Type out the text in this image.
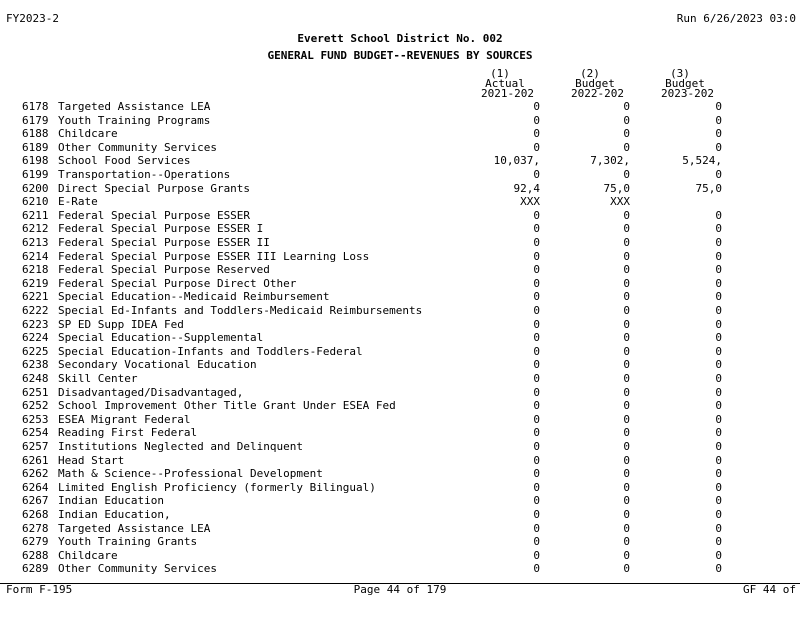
FY2023-2	Run 6/26/2023 03:0
Everett School District No. 002
GENERAL FUND BUDGET--REVENUES BY SOURCES
(1)
Actual
2021-202
(2)
Budget
2022-202
(3)
Budget
2023-202
6178 Targeted Assistance LEA	0	0	0
6179 Youth Training Programs	0	0	0
6188 Childcare	0	0	0
6189 Other Community Services	0	0	0
6198 School Food Services	10,037,	7,302,	5,524,
6199 Transportation--Operations	0	0	0
6200 Direct Special Purpose Grants	92,4	75,0	75,0
6210 E-Rate	XXX	XXX
6211 Federal Special Purpose ESSER	0	0	0
6212 Federal Special Purpose ESSER I	0	0	0
6213 Federal Special Purpose ESSER II	0	0	0
6214 Federal Special Purpose ESSER III Learning Loss	0	0	0
6218 Federal Special Purpose Reserved	0	0	0
6219 Federal Special Purpose Direct Other	0	0	0
6221 Special Education--Medicaid Reimbursement	0	0	0
6222 Special Ed-Infants and Toddlers-Medicaid Reimbursements	0	0	0
6223 SP ED Supp IDEA Fed	0	0	0
6224 Special Education--Supplemental	0	0	0
6225 Special Education-Infants and Toddlers-Federal	0	0	0
6238 Secondary Vocational Education	0	0	0
6248 Skill Center	0	0	0
6251 Disadvantaged/Disadvantaged,	0	0	0
6252 School Improvement Other Title Grant Under ESEA Fed	0	0	0
6253 ESEA Migrant Federal	0	0	0
6254 Reading First Federal	0	0	0
6257 Institutions Neglected and Delinquent	0	0	0
6261 Head Start	0	0	0
6262 Math & Science--Professional Development	0	0	0
6264 Limited English Proficiency (formerly Bilingual)	0	0	0
6267 Indian Education	0	0	0
6268 Indian Education,	0	0	0
6278 Targeted Assistance LEA	0	0	0
6279 Youth Training Grants	0	0	0
6288 Childcare	0	0	0
6289 Other Community Services	0	0	0
Form F-195	Page 44 of 179	GF 44 of
